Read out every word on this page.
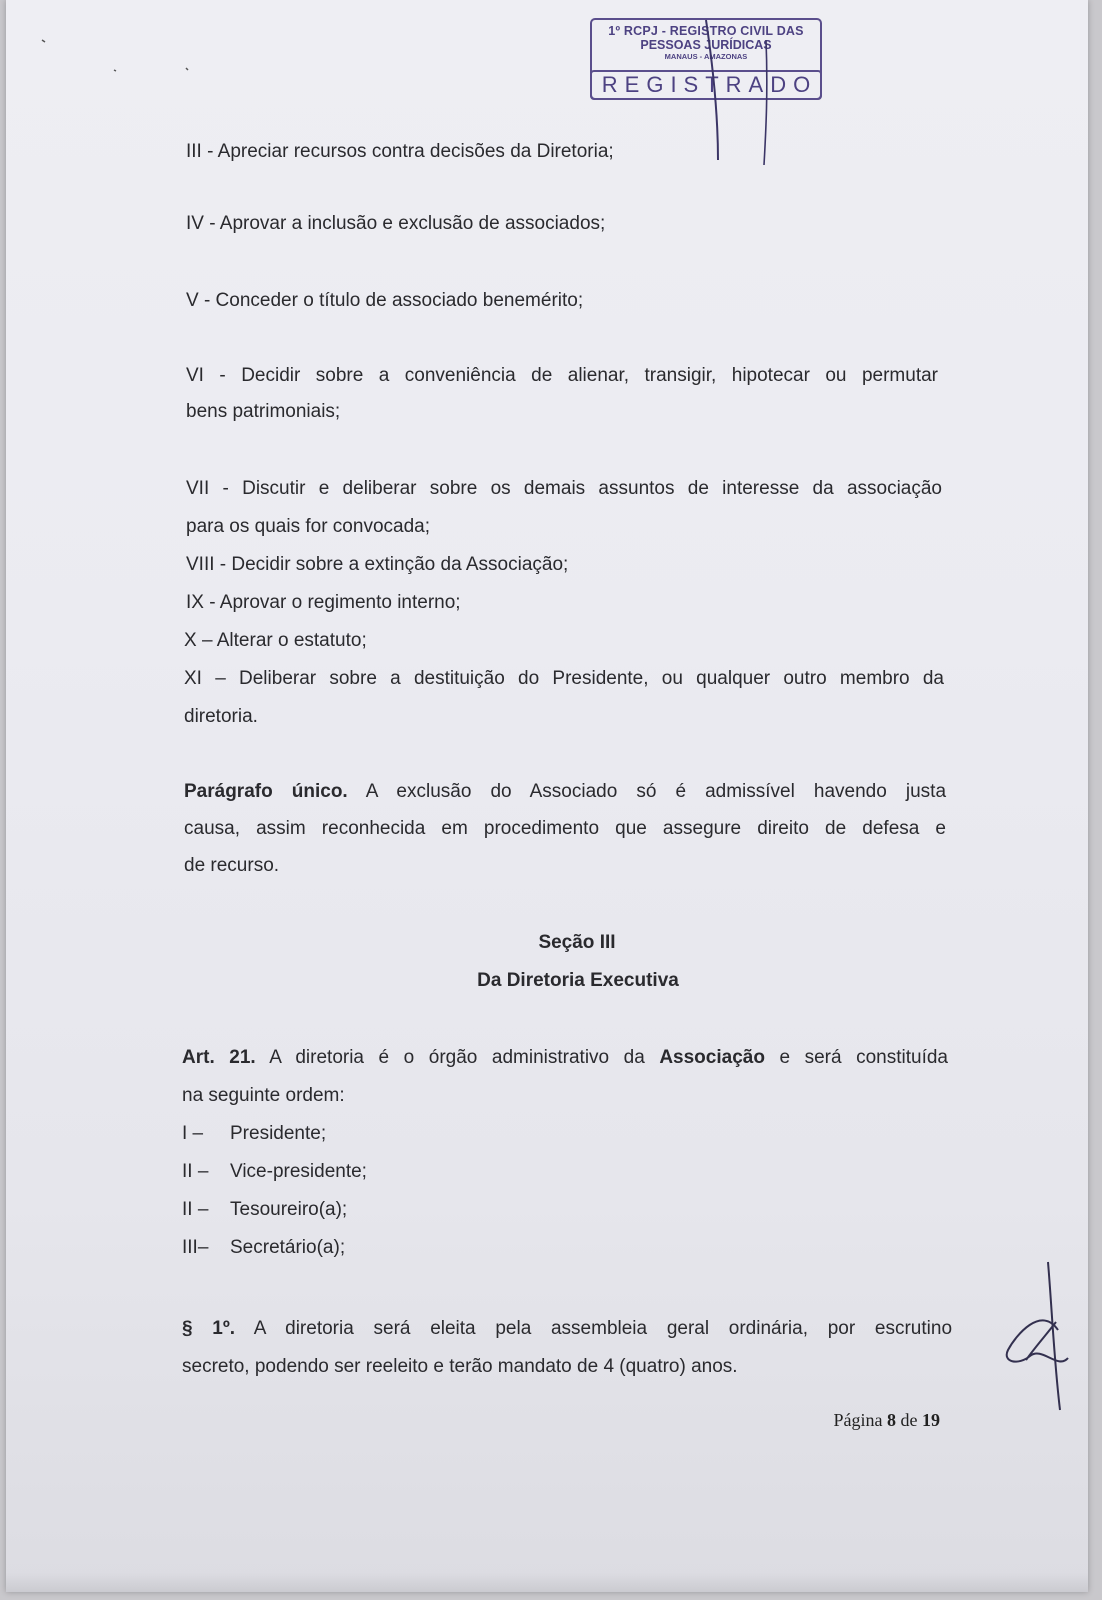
1º RCPJ - REGISTRO CIVIL DAS
PESSOAS JURÍDICAS
MANAUS - AMAZONAS
REGISTRADO

III - Apreciar recursos contra decisões da Diretoria;

IV - Aprovar a inclusão e exclusão de associados;

V - Conceder o título de associado benemérito;

VI - Decidir sobre a conveniência de alienar, transigir, hipotecar ou permutar

bens patrimoniais;

VII - Discutir e deliberar sobre os demais assuntos de interesse da associação

para os quais for convocada;

VIII - Decidir sobre a extinção da Associação;

IX - Aprovar o regimento interno;

X – Alterar o estatuto;

XI – Deliberar sobre a destituição do Presidente, ou qualquer outro membro da

diretoria.

Parágrafo único. A exclusão do Associado só é admissível havendo justa

causa, assim reconhecida em procedimento que assegure direito de defesa e

de recurso.

Seção III

Da Diretoria Executiva

Art. 21. A diretoria é o órgão administrativo da Associação e será constituída

na seguinte ordem:

I – Presidente;

II – Vice-presidente;

II – Tesoureiro(a);

III– Secretário(a);

§ 1º. A diretoria será eleita pela assembleia geral ordinária, por escrutino

secreto, podendo ser reeleito e terão mandato de 4 (quatro) anos.

Página 8 de 19
